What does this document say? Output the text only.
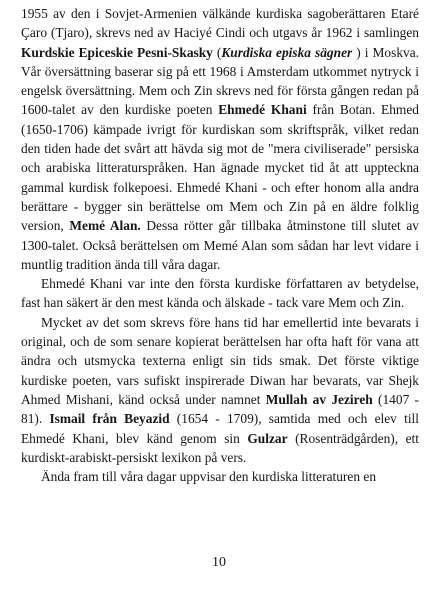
1955 av den i Sovjet-Armenien välkände kurdiska sagoberättaren Etaré Çaro (Tjaro), skrevs ned av Haciyé Cindi och utgavs år 1962 i samlingen Kurdskie Epiceskie Pesni-Skasky (Kurdiska episka sägner ) i Moskva. Vår översättning baserar sig på ett 1968 i Amsterdam utkommet nytryck i engelsk översättning. Mem och Zin skrevs ned för första gången redan på 1600-talet av den kurdiske poeten Ehmedé Khani från Botan. Ehmed (1650-1706) kämpade ivrigt för kurdiskan som skriftspråk, vilket redan den tiden hade det svårt att hävda sig mot de "mera civiliserade" persiska och arabiska litteraturspråken. Han ägnade mycket tid åt att uppteckna gammal kurdisk folkepoesi. Ehmedé Khani - och efter honom alla andra berättare - bygger sin berättelse om Mem och Zin på en äldre folklig version, Memé Alan. Dessa rötter går tillbaka åtminstone till slutet av 1300-talet. Också berättelsen om Memé Alan som sådan har levt vidare i muntlig tradition ända till våra dagar.

Ehmedé Khani var inte den första kurdiske författaren av betydelse, fast han säkert är den mest kända och älskade - tack vare Mem och Zin.

Mycket av det som skrevs före hans tid har emellertid inte bevarats i original, och de som senare kopierat berättelsen har ofta haft för vana att ändra och utsmycka texterna enligt sin tids smak. Det förste viktige kurdiske poeten, vars sufiskt inspirerade Diwan har bevarats, var Shejk Ahmed Mishani, känd också under namnet Mullah av Jezireh (1407 - 81). Ismail från Beyazid (1654 - 1709), samtida med och elev till Ehmedé Khani, blev känd genom sin Gulzar (Rosenträdgården), ett kurdiskt-arabiskt-persiskt lexikon på vers.

Ända fram till våra dagar uppvisar den kurdiska litteraturen en

10
